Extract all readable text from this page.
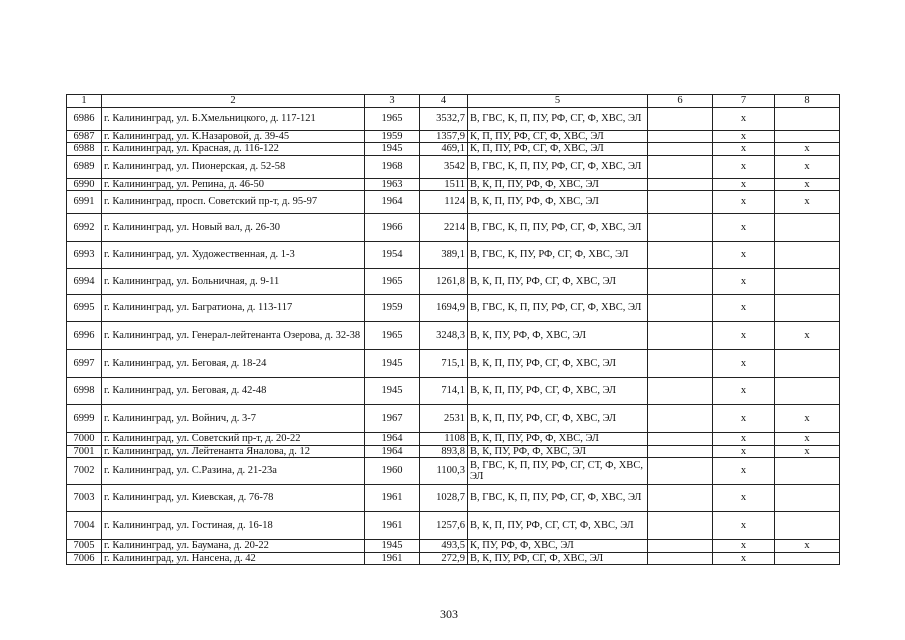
1	2	3	4	5	6	7	8
6986	г. Калининград, ул. Б.Хмельницкого, д. 117-121	1965	3532,7	В, ГВС, К, П, ПУ, РФ, СГ, Ф, ХВС, ЭЛ		x	
6987	г. Калининград, ул. К.Назаровой, д. 39-45	1959	1357,9	К, П, ПУ, РФ, СГ, Ф, ХВС, ЭЛ		x	
6988	г. Калининград, ул. Красная, д. 116-122	1945	469,1	К, П, ПУ, РФ, СГ, Ф, ХВС, ЭЛ		x	x
6989	г. Калининград, ул. Пионерская, д. 52-58	1968	3542	В, ГВС, К, П, ПУ, РФ, СГ, Ф, ХВС, ЭЛ		x	x
6990	г. Калининград, ул. Репина, д. 46-50	1963	1511	В, К, П, ПУ, РФ, Ф, ХВС, ЭЛ		x	x
6991	г. Калининград, просп. Советский пр-т, д. 95-97	1964	1124	В, К, П, ПУ, РФ, Ф, ХВС, ЭЛ		x	x
6992	г. Калининград, ул. Новый вал, д. 26-30	1966	2214	В, ГВС, К, П, ПУ, РФ, СГ, Ф, ХВС, ЭЛ		x	
6993	г. Калининград, ул. Художественная, д. 1-3	1954	389,1	В, ГВС, К, ПУ, РФ, СГ, Ф, ХВС, ЭЛ		x	
6994	г. Калининград, ул. Больничная, д. 9-11	1965	1261,8	В, К, П, ПУ, РФ, СГ, Ф, ХВС, ЭЛ		x	
6995	г. Калининград, ул. Багратиона, д. 113-117	1959	1694,9	В, ГВС, К, П, ПУ, РФ, СГ, Ф, ХВС, ЭЛ		x	
6996	г. Калининград, ул. Генерал-лейтенанта Озерова, д. 32-38	1965	3248,3	В, К, ПУ, РФ, Ф, ХВС, ЭЛ		x	x
6997	г. Калининград, ул. Беговая, д. 18-24	1945	715,1	В, К, П, ПУ, РФ, СГ, Ф, ХВС, ЭЛ		x	
6998	г. Калининград, ул. Беговая, д. 42-48	1945	714,1	В, К, П, ПУ, РФ, СГ, Ф, ХВС, ЭЛ		x	
6999	г. Калининград, ул. Войнич, д. 3-7	1967	2531	В, К, П, ПУ, РФ, СГ, Ф, ХВС, ЭЛ		x	x
7000	г. Калининград, ул. Советский пр-т, д. 20-22	1964	1108	В, К, П, ПУ, РФ, Ф, ХВС, ЭЛ		x	x
7001	г. Калининград, ул. Лейтенанта Яналова, д. 12	1964	893,8	В, К, ПУ, РФ, Ф, ХВС, ЭЛ		x	x
7002	г. Калининград, ул. С.Разина, д. 21-23а	1960	1100,3	В, ГВС, К, П, ПУ, РФ, СГ, СТ, Ф, ХВС, ЭЛ		x	
7003	г. Калининград, ул. Киевская, д. 76-78	1961	1028,7	В, ГВС, К, П, ПУ, РФ, СГ, Ф, ХВС, ЭЛ		x	
7004	г. Калининград, ул. Гостиная, д. 16-18	1961	1257,6	В, К, П, ПУ, РФ, СГ, СТ, Ф, ХВС, ЭЛ		x	
7005	г. Калининград, ул. Баумана, д. 20-22	1945	493,5	К, ПУ, РФ, Ф, ХВС, ЭЛ		x	x
7006	г. Калининград, ул. Нансена, д. 42	1961	272,9	В, К, ПУ, РФ, СГ, Ф, ХВС, ЭЛ		x	
303
